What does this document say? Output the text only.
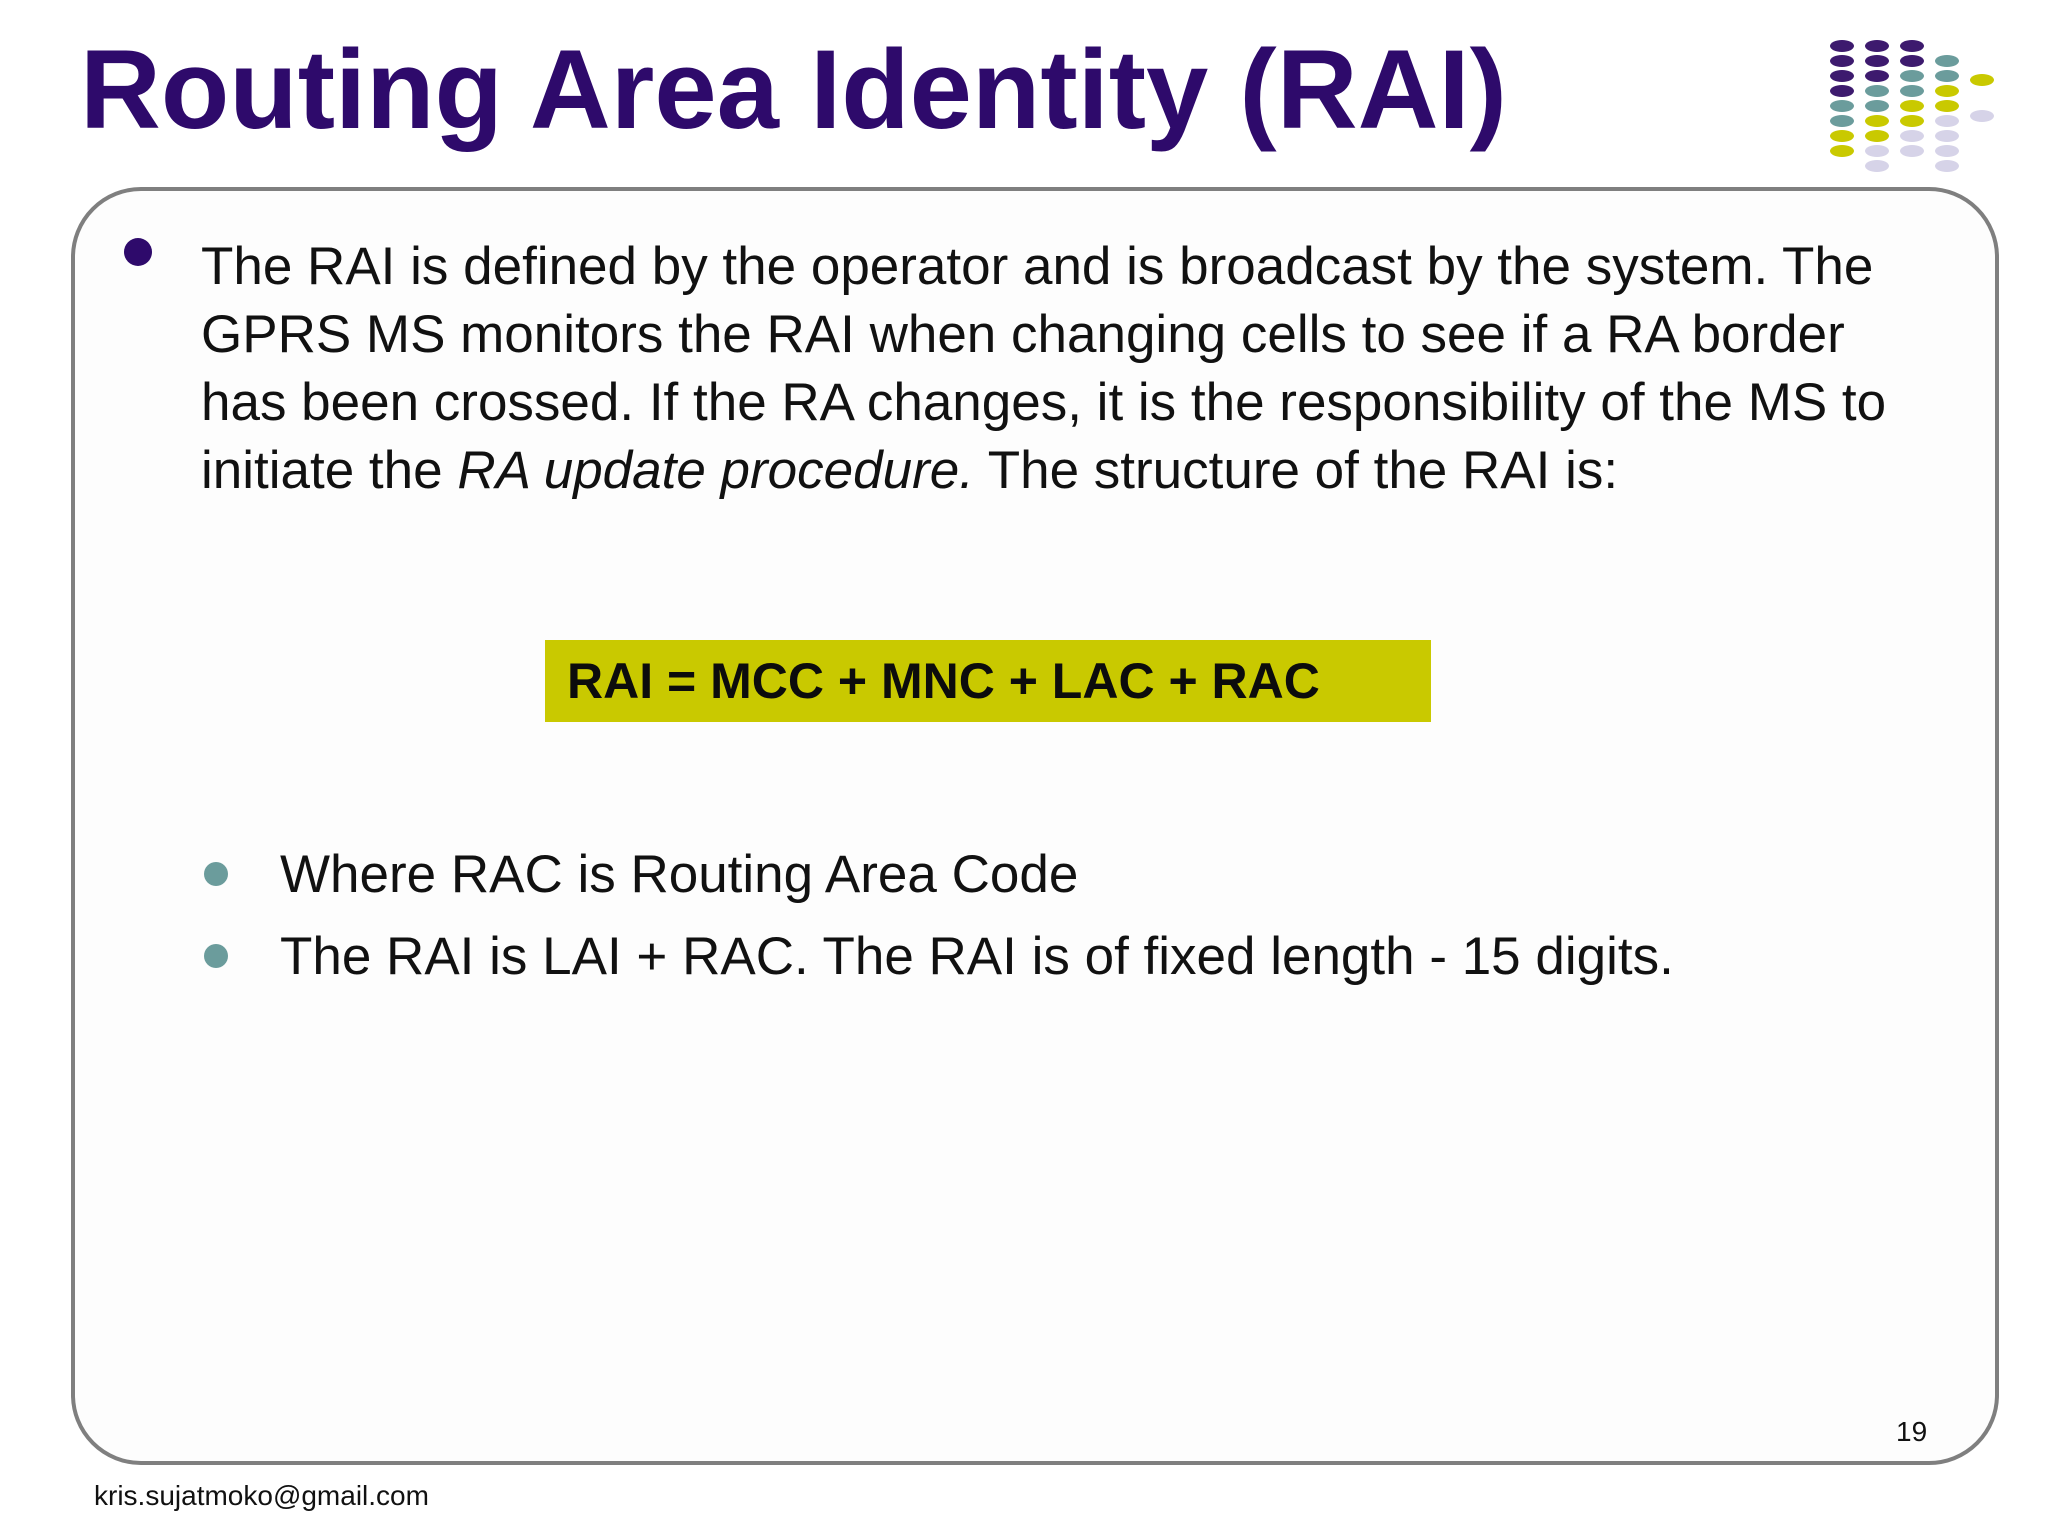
Routing Area Identity (RAI)

The RAI is defined by the operator and is broadcast by the system. The GPRS MS monitors the RAI when changing cells to see if a RA border has been crossed. If the RA changes, it is the responsibility of the MS to initiate the RA update procedure. The structure of the RAI is:

RAI = MCC + MNC + LAC + RAC

Where RAC is Routing Area Code

The RAI is LAI + RAC. The RAI is of fixed length - 15 digits.

19
kris.sujatmoko@gmail.com
